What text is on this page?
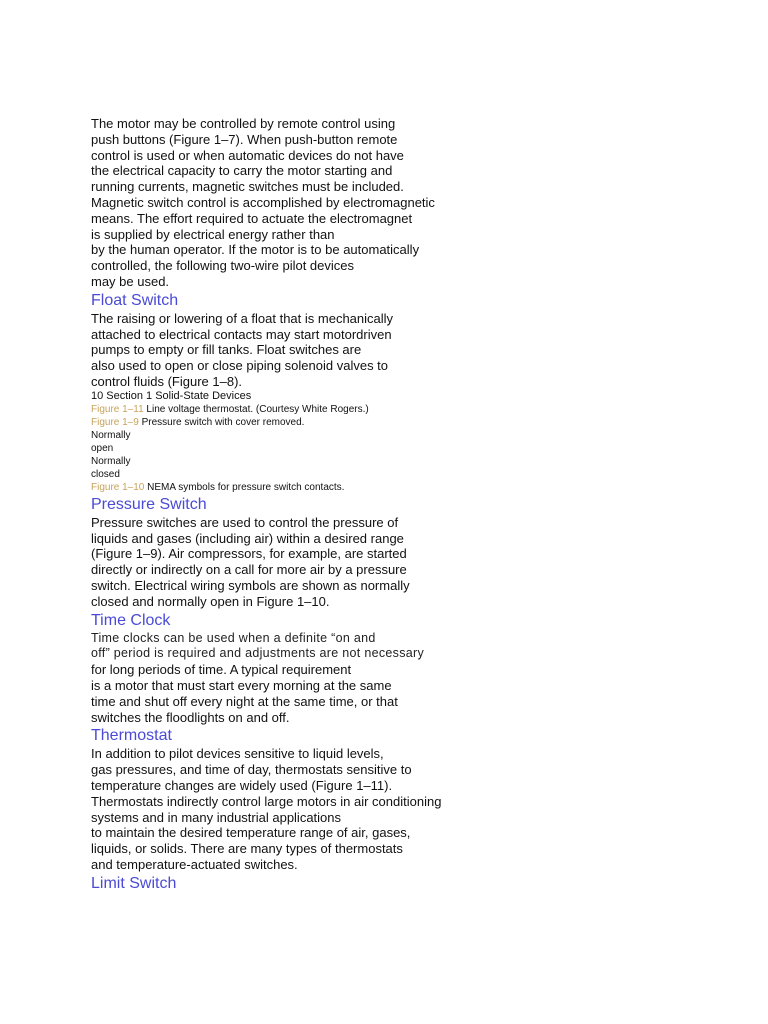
The motor may be controlled by remote control using
push buttons (Figure 1–7). When push-button remote
control is used or when automatic devices do not have
the electrical capacity to carry the motor starting and
running currents, magnetic switches must be included.
Magnetic switch control is accomplished by electromagnetic
means. The effort required to actuate the electromagnet
is supplied by electrical energy rather than
by the human operator. If the motor is to be automatically
controlled, the following two-wire pilot devices
may be used.
Float Switch
The raising or lowering of a float that is mechanically
attached to electrical contacts may start motordriven
pumps to empty or fill tanks. Float switches are
also used to open or close piping solenoid valves to
control fluids (Figure 1–8).
10 Section 1 Solid-State Devices
Figure 1–11 Line voltage thermostat. (Courtesy White Rogers.)
Figure 1–9 Pressure switch with cover removed.
Normally
open
Normally
closed
Figure 1–10 NEMA symbols for pressure switch contacts.
Pressure Switch
Pressure switches are used to control the pressure of
liquids and gases (including air) within a desired range
(Figure 1–9). Air compressors, for example, are started
directly or indirectly on a call for more air by a pressure
switch. Electrical wiring symbols are shown as normally
closed and normally open in Figure 1–10.
Time Clock
Time clocks can be used when a definite “on and
off” period is required and adjustments are not necessary
for long periods of time. A typical requirement
is a motor that must start every morning at the same
time and shut off every night at the same time, or that
switches the floodlights on and off.
Thermostat
In addition to pilot devices sensitive to liquid levels,
gas pressures, and time of day, thermostats sensitive to
temperature changes are widely used (Figure 1–11).
Thermostats indirectly control large motors in air conditioning
systems and in many industrial applications
to maintain the desired temperature range of air, gases,
liquids, or solids. There are many types of thermostats
and temperature-actuated switches.
Limit Switch
